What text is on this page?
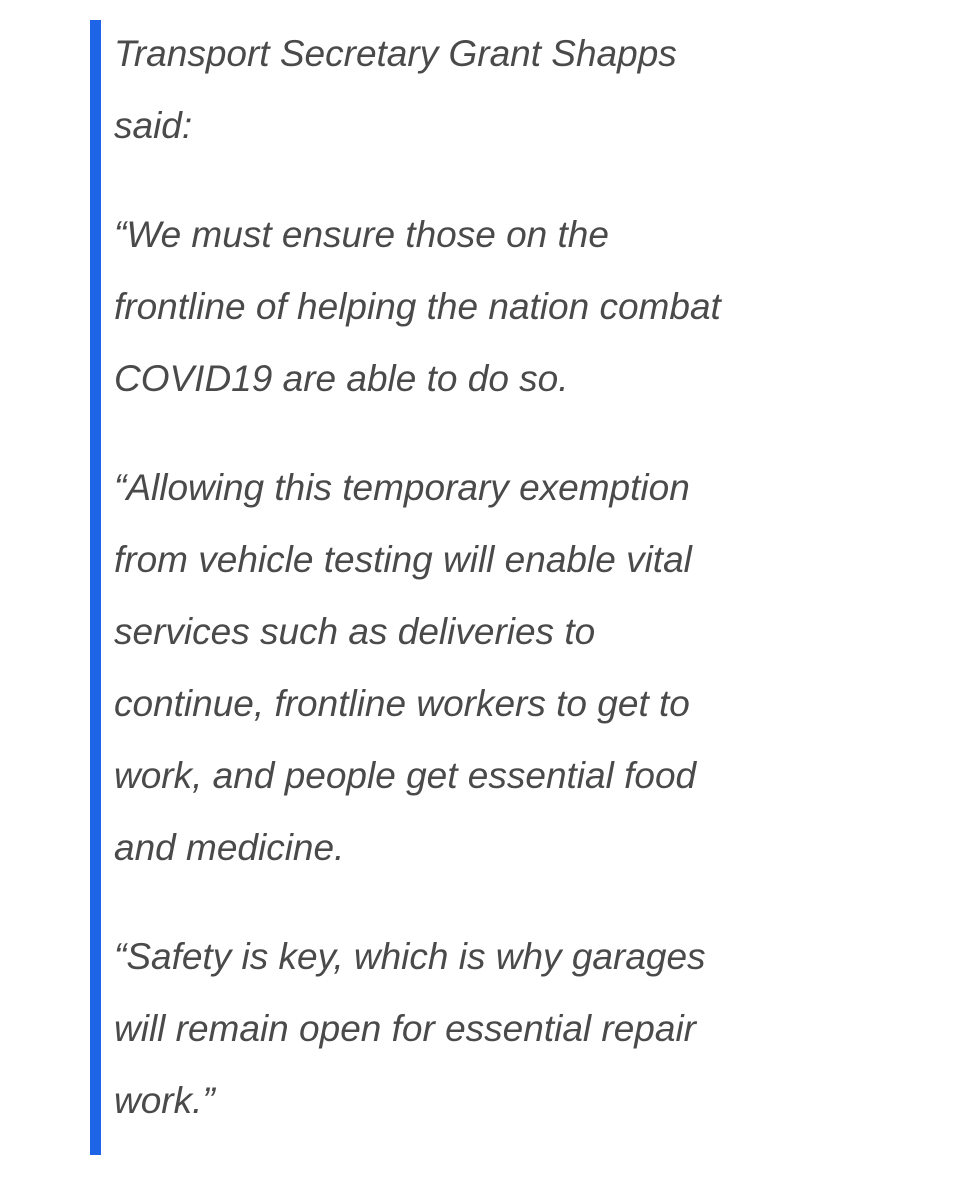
Transport Secretary Grant Shapps
said:

“We must ensure those on the
frontline of helping the nation combat
COVID19 are able to do so.

“Allowing this temporary exemption
from vehicle testing will enable vital
services such as deliveries to
continue, frontline workers to get to
work, and people get essential food
and medicine.

“Safety is key, which is why garages
will remain open for essential repair
work.”
